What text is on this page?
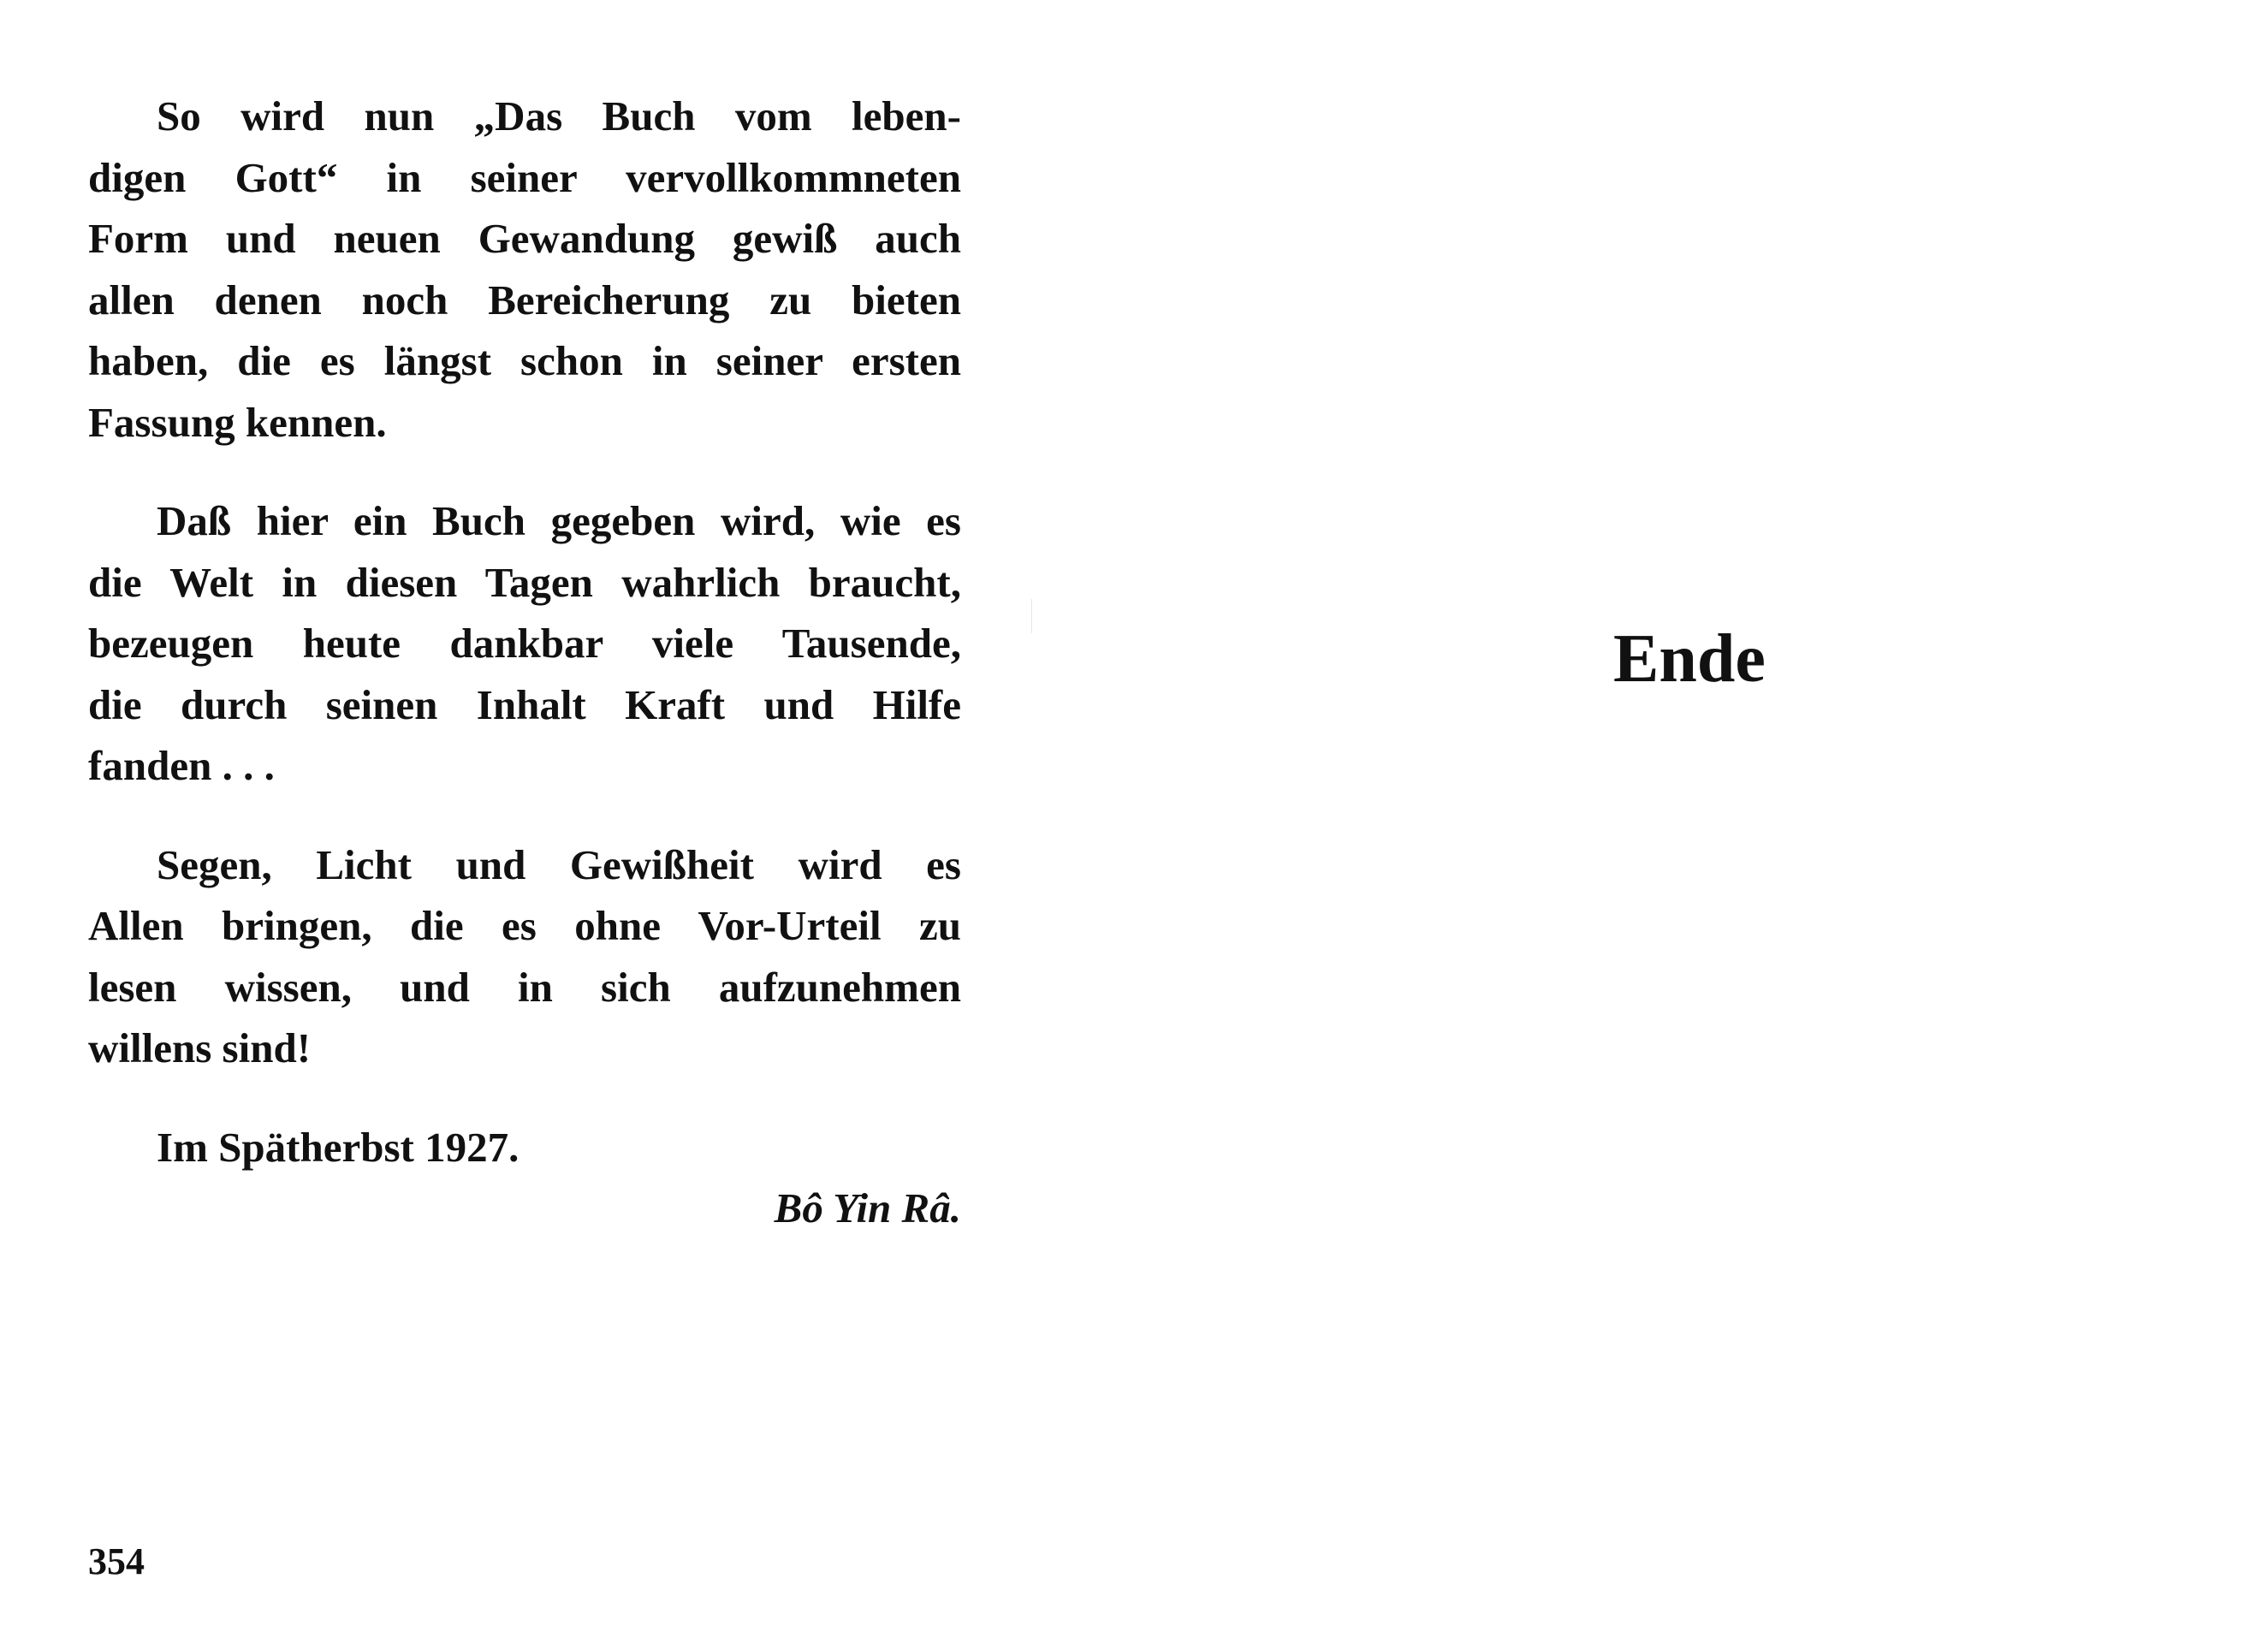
So wird nun „Das Buch vom leben-
digen Gott“ in seiner vervollkommneten
Form und neuen Gewandung gewiß auch
allen denen noch Bereicherung zu bieten
haben, die es längst schon in seiner ersten
Fassung kennen.
Daß hier ein Buch gegeben wird, wie es
die Welt in diesen Tagen wahrlich braucht,
bezeugen heute dankbar viele Tausende,
die durch seinen Inhalt Kraft und Hilfe
fanden . . .
Segen, Licht und Gewißheit wird es
Allen bringen, die es ohne Vor-Urteil zu
lesen wissen, und in sich aufzunehmen
willens sind!
Im Spätherbst 1927.
Bô Yin Râ.
354
Ende
